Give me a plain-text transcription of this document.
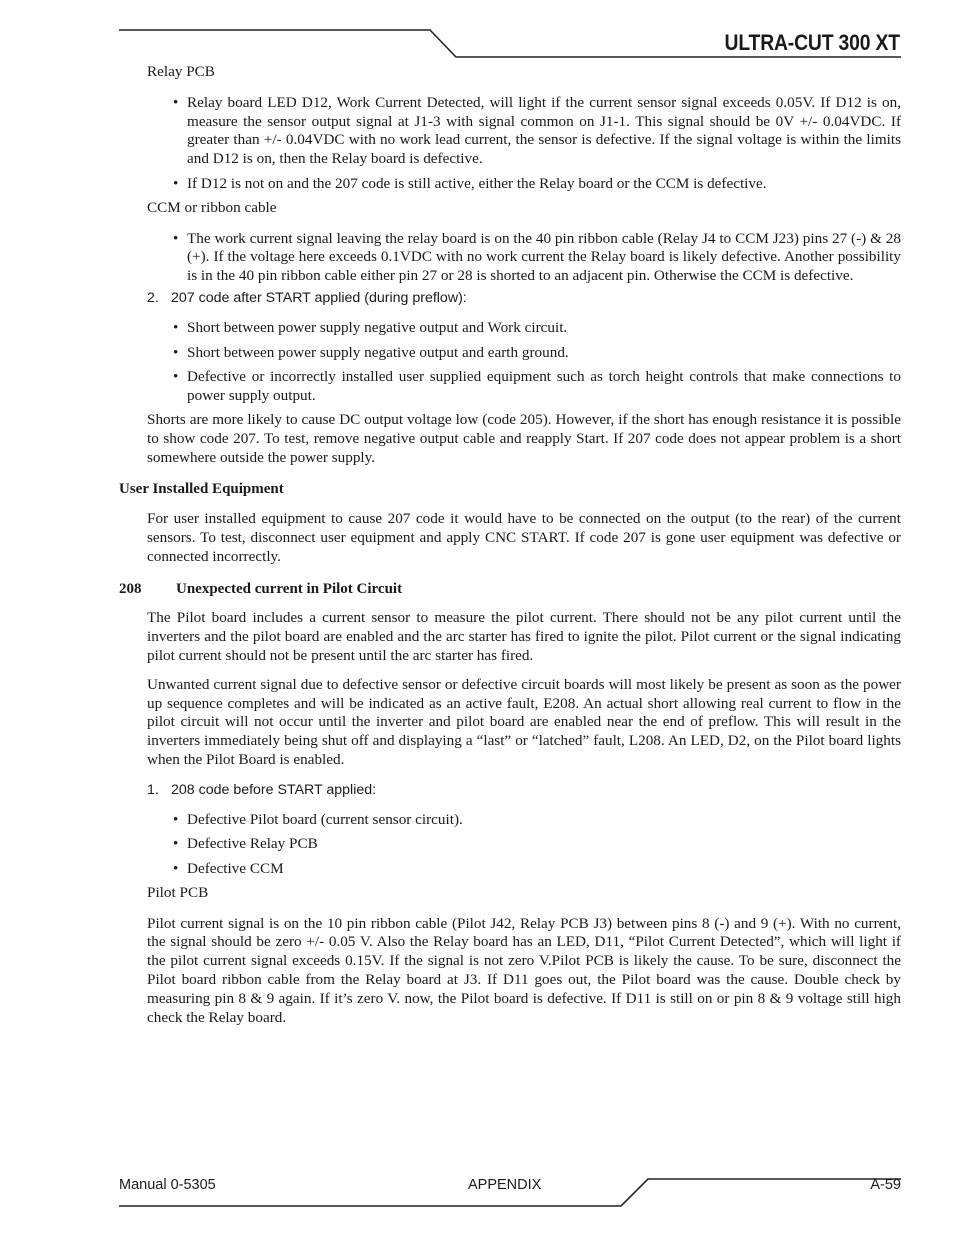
ULTRA-CUT 300 XT

Relay PCB

• Relay board LED D12, Work Current Detected, will light if the current sensor signal exceeds 0.05V. If D12 is on, measure the sensor output signal at J1-3 with signal common on J1-1. This signal should be 0V +/- 0.04VDC. If greater than +/- 0.04VDC with no work lead current, the sensor is defective. If the signal voltage is within the limits and D12 is on, then the Relay board is defective.
• If D12 is not on and the 207 code is still active, either the Relay board or the CCM is defective.

CCM or ribbon cable

• The work current signal leaving the relay board is on the 40 pin ribbon cable (Relay J4 to CCM J23) pins 27 (-) & 28 (+). If the voltage here exceeds 0.1VDC with no work current the Relay board is likely defective. Another possibility is in the 40 pin ribbon cable either pin 27 or 28 is shorted to an adjacent pin. Otherwise the CCM is defective.

2. 207 code after START applied (during preflow):

• Short between power supply negative output and Work circuit.
• Short between power supply negative output and earth ground.
• Defective or incorrectly installed user supplied equipment such as torch height controls that make connections to power supply output.

Shorts are more likely to cause DC output voltage low (code 205). However, if the short has enough resistance it is possible to show code 207. To test, remove negative output cable and reapply Start. If 207 code does not appear problem is a short somewhere outside the power supply.

User Installed Equipment

For user installed equipment to cause 207 code it would have to be connected on the output (to the rear) of the current sensors. To test, disconnect user equipment and apply CNC START. If code 207 is gone user equipment was defective or connected incorrectly.

208 Unexpected current in Pilot Circuit

The Pilot board includes a current sensor to measure the pilot current. There should not be any pilot current until the inverters and the pilot board are enabled and the arc starter has fired to ignite the pilot. Pilot current or the signal indicating pilot current should not be present until the arc starter has fired.

Unwanted current signal due to defective sensor or defective circuit boards will most likely be present as soon as the power up sequence completes and will be indicated as an active fault, E208. An actual short allowing real current to flow in the pilot circuit will not occur until the inverter and pilot board are enabled near the end of preflow. This will result in the inverters immediately being shut off and displaying a “last” or “latched” fault, L208. An LED, D2, on the Pilot board lights when the Pilot Board is enabled.

1. 208 code before START applied:

• Defective Pilot board (current sensor circuit).
• Defective Relay PCB
• Defective CCM

Pilot PCB

Pilot current signal is on the 10 pin ribbon cable (Pilot J42, Relay PCB J3) between pins 8 (-) and 9 (+). With no current, the signal should be zero +/- 0.05 V. Also the Relay board has an LED, D11, “Pilot Current Detected”, which will light if the pilot current signal exceeds 0.15V. If the signal is not zero V.Pilot PCB is likely the cause. To be sure, disconnect the Pilot board ribbon cable from the Relay board at J3. If D11 goes out, the Pilot board was the cause. Double check by measuring pin 8 & 9 again. If it’s zero V. now, the Pilot board is defective. If D11 is still on or pin 8 & 9 voltage still high check the Relay board.

Manual 0-5305	APPENDIX	A-59
